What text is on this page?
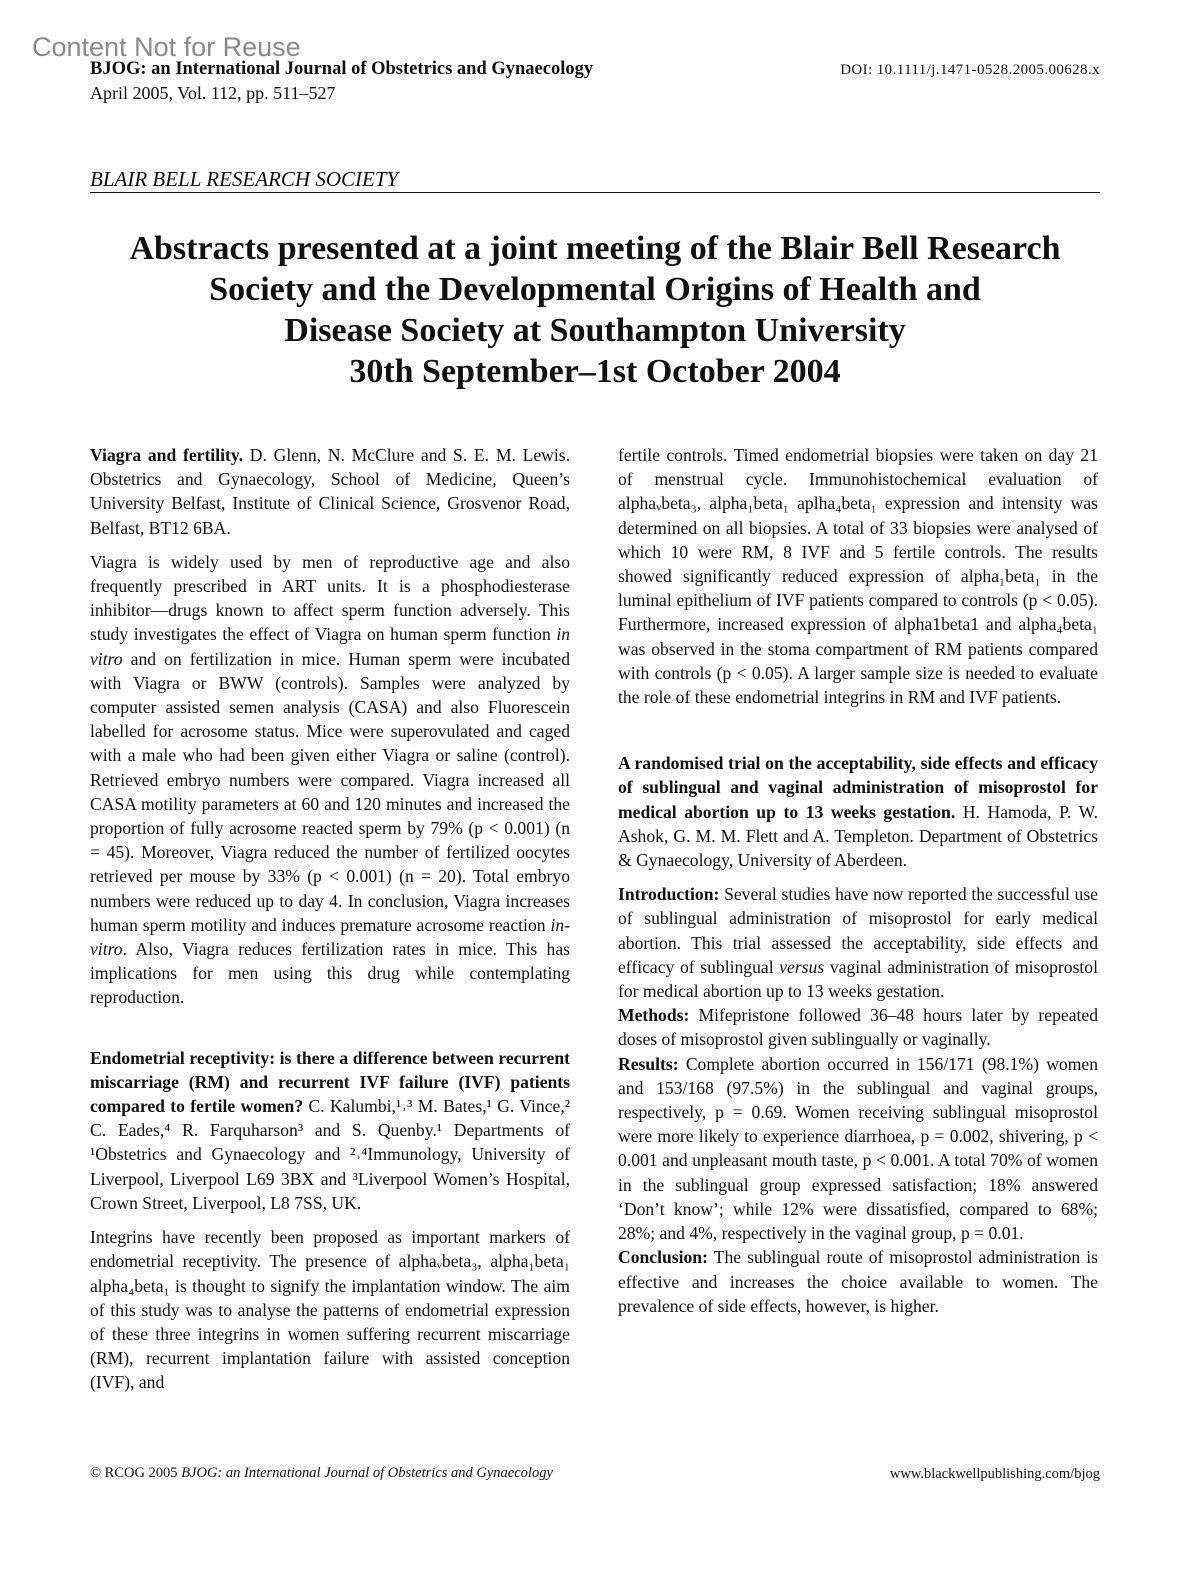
Content Not for Reuse
BJOG: an International Journal of Obstetrics and Gynaecology
April 2005, Vol. 112, pp. 511–527
DOI: 10.1111/j.1471-0528.2005.00628.x
BLAIR BELL RESEARCH SOCIETY
Abstracts presented at a joint meeting of the Blair Bell Research
Society and the Developmental Origins of Health and
Disease Society at Southampton University
30th September–1st October 2004

Viagra and fertility. D. Glenn, N. McClure and S. E. M. Lewis. Obstetrics and Gynaecology, School of Medicine, Queen’s University Belfast, Institute of Clinical Science, Grosvenor Road, Belfast, BT12 6BA.

Viagra is widely used by men of reproductive age and also frequently prescribed in ART units. It is a phosphodiesterase inhibitor—drugs known to affect sperm function adversely. This study investigates the effect of Viagra on human sperm function in vitro and on fertilization in mice. Human sperm were incubated with Viagra or BWW (controls). Samples were analyzed by computer assisted semen analysis (CASA) and also Fluorescein labelled for acrosome status. Mice were superovulated and caged with a male who had been given either Viagra or saline (control). Retrieved embryo numbers were compared. Viagra increased all CASA motility parameters at 60 and 120 minutes and increased the proportion of fully acrosome reacted sperm by 79% (p < 0.001) (n = 45). Moreover, Viagra reduced the number of fertilized oocytes retrieved per mouse by 33% (p < 0.001) (n = 20). Total embryo numbers were reduced up to day 4. In conclusion, Viagra increases human sperm motility and induces premature acrosome reaction in-vitro. Also, Viagra reduces fertilization rates in mice. This has implications for men using this drug while contemplating reproduction.

Endometrial receptivity: is there a difference between recurrent miscarriage (RM) and recurrent IVF failure (IVF) patients compared to fertile women? C. Kalumbi,¹˒³ M. Bates,¹ G. Vince,² C. Eades,⁴ R. Farquharson³ and S. Quenby.¹ Departments of ¹Obstetrics and Gynaecology and ²˒⁴Immunology, University of Liverpool, Liverpool L69 3BX and ³Liverpool Women’s Hospital, Crown Street, Liverpool, L8 7SS, UK.

Integrins have recently been proposed as important markers of endometrial receptivity. The presence of alphaᵥbeta₃, alpha₁beta₁ alpha₄beta₁ is thought to signify the implantation window. The aim of this study was to analyse the patterns of endometrial expression of these three integrins in women suffering recurrent miscarriage (RM), recurrent implantation failure with assisted conception (IVF), and

fertile controls. Timed endometrial biopsies were taken on day 21 of menstrual cycle. Immunohistochemical evaluation of alphaᵥbeta₃, alpha₁beta₁ aplha₄beta₁ expression and intensity was determined on all biopsies. A total of 33 biopsies were analysed of which 10 were RM, 8 IVF and 5 fertile controls. The results showed significantly reduced expression of alpha₁beta₁ in the luminal epithelium of IVF patients compared to controls (p < 0.05). Furthermore, increased expression of alpha1beta1 and alpha₄beta₁ was observed in the stoma compartment of RM patients compared with controls (p < 0.05). A larger sample size is needed to evaluate the role of these endometrial integrins in RM and IVF patients.

A randomised trial on the acceptability, side effects and efficacy of sublingual and vaginal administration of misoprostol for medical abortion up to 13 weeks gestation. H. Hamoda, P. W. Ashok, G. M. M. Flett and A. Templeton. Department of Obstetrics & Gynaecology, University of Aberdeen.

Introduction: Several studies have now reported the successful use of sublingual administration of misoprostol for early medical abortion. This trial assessed the acceptability, side effects and efficacy of sublingual versus vaginal administration of misoprostol for medical abortion up to 13 weeks gestation.

Methods: Mifepristone followed 36–48 hours later by repeated doses of misoprostol given sublingually or vaginally.

Results: Complete abortion occurred in 156/171 (98.1%) women and 153/168 (97.5%) in the sublingual and vaginal groups, respectively, p = 0.69. Women receiving sublingual misoprostol were more likely to experience diarrhoea, p = 0.002, shivering, p < 0.001 and unpleasant mouth taste, p < 0.001. A total 70% of women in the sublingual group expressed satisfaction; 18% answered ‘Don’t know’; while 12% were dissatisfied, compared to 68%; 28%; and 4%, respectively in the vaginal group, p = 0.01.

Conclusion: The sublingual route of misoprostol administration is effective and increases the choice available to women. The prevalence of side effects, however, is higher.

© RCOG 2005 BJOG: an International Journal of Obstetrics and Gynaecology	www.blackwellpublishing.com/bjog
